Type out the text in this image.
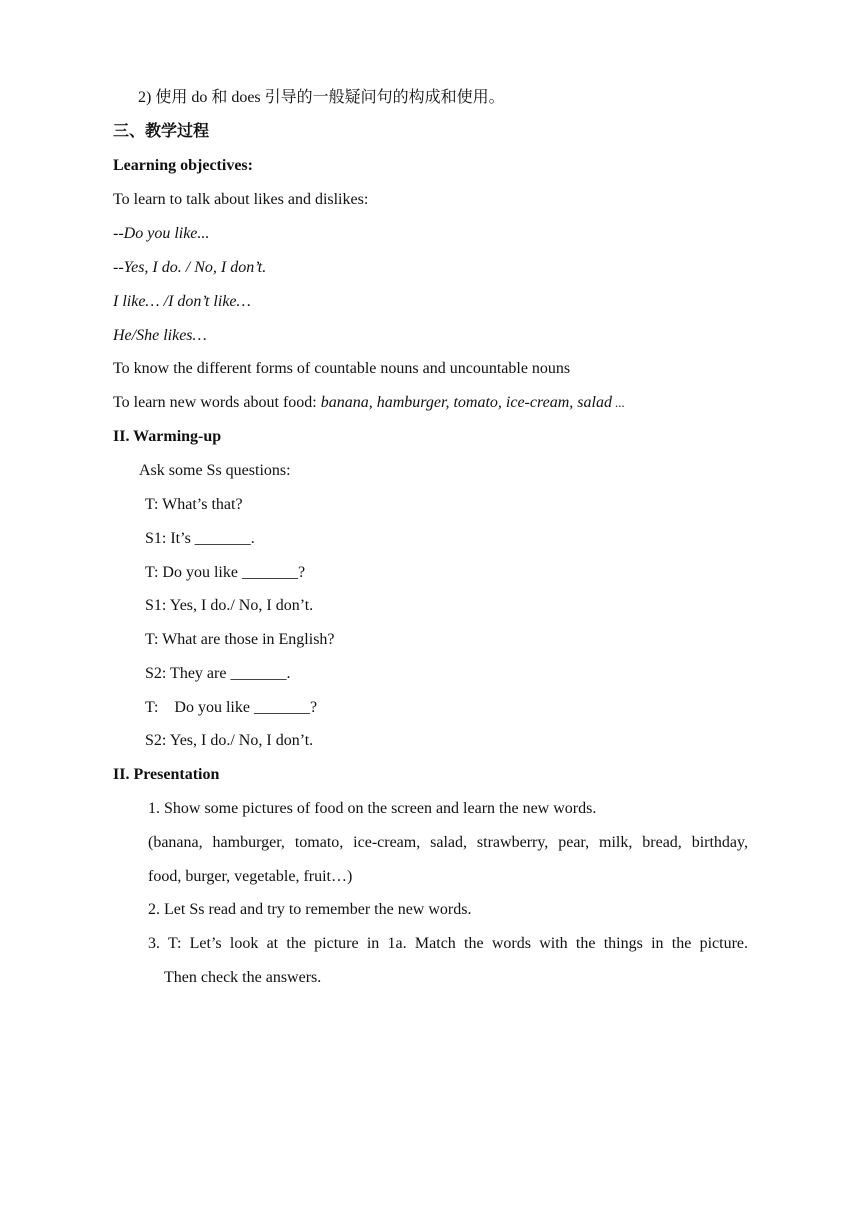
2) 使用 do 和 does 引导的一般疑问句的构成和使用。
三、教学过程
Learning objectives:
To learn to talk about likes and dislikes:
--Do you like...
--Yes, I do. / No, I don’t.
I like… /I don’t like…
He/She likes…
To know the different forms of countable nouns and uncountable nouns
To learn new words about food: banana, hamburger, tomato, ice-cream, salad ...
II. Warming-up
Ask some Ss questions:
T: What’s that?
S1: It’s _______.
T: Do you like _______?
S1: Yes, I do./ No, I don’t.
T: What are those in English?
S2: They are _______.
T:    Do you like _______?
S2: Yes, I do./ No, I don’t.
II. Presentation
1. Show some pictures of food on the screen and learn the new words.
(banana, hamburger, tomato, ice-cream, salad, strawberry, pear, milk, bread, birthday,
food, burger, vegetable, fruit…)
2. Let Ss read and try to remember the new words.
3. T: Let’s look at the picture in 1a. Match the words with the things in the picture.
Then check the answers.
